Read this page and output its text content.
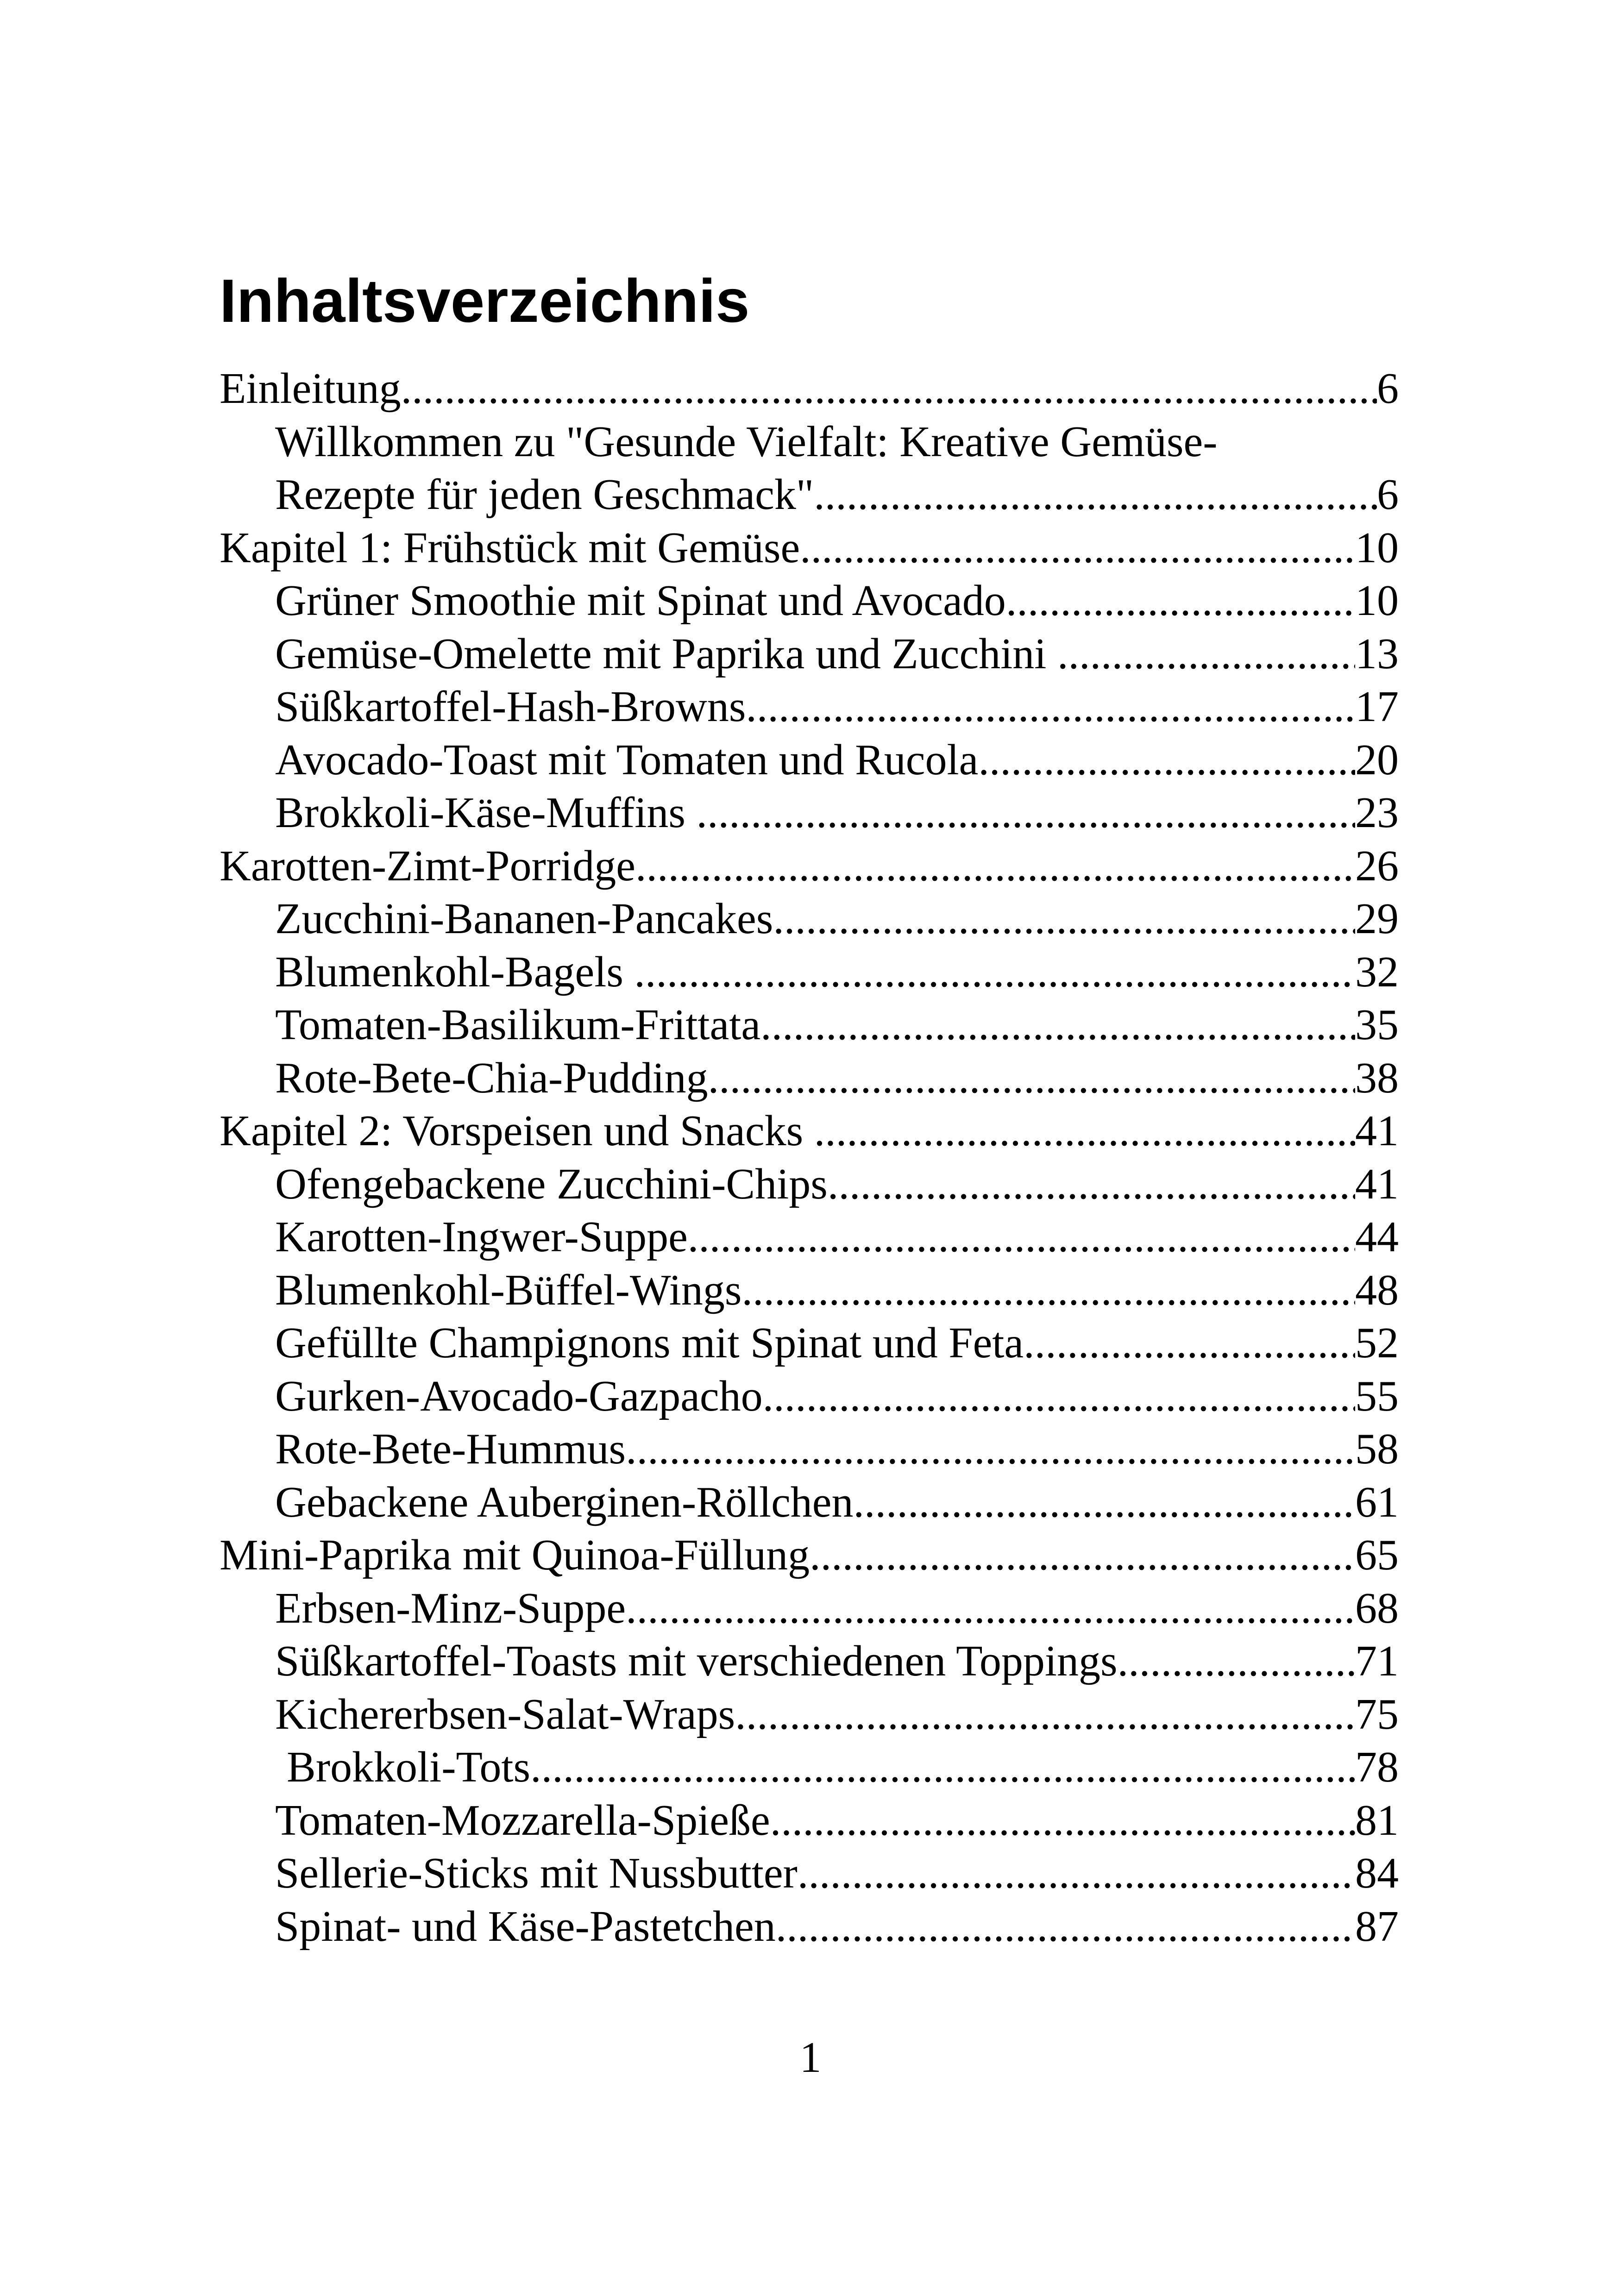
Inhaltsverzeichnis
Einleitung .....	6
Willkommen zu "Gesunde Vielfalt: Kreative Gemüse-
Rezepte für jeden Geschmack" .....	6
Kapitel 1: Frühstück mit Gemüse .....	10
Grüner Smoothie mit Spinat und Avocado .....	10
Gemüse-Omelette mit Paprika und Zucchini .....	13
Süßkartoffel-Hash-Browns .....	17
Avocado-Toast mit Tomaten und Rucola .....	20
Brokkoli-Käse-Muffins .....	23
Karotten-Zimt-Porridge .....	26
Zucchini-Bananen-Pancakes .....	29
Blumenkohl-Bagels .....	32
Tomaten-Basilikum-Frittata .....	35
Rote-Bete-Chia-Pudding .....	38
Kapitel 2: Vorspeisen und Snacks .....	41
Ofengebackene Zucchini-Chips .....	41
Karotten-Ingwer-Suppe .....	44
Blumenkohl-Büffel-Wings .....	48
Gefüllte Champignons mit Spinat und Feta .....	52
Gurken-Avocado-Gazpacho .....	55
Rote-Bete-Hummus .....	58
Gebackene Auberginen-Röllchen .....	61
Mini-Paprika mit Quinoa-Füllung .....	65
Erbsen-Minz-Suppe .....	68
Süßkartoffel-Toasts mit verschiedenen Toppings .....	71
Kichererbsen-Salat-Wraps .....	75
Brokkoli-Tots .....	78
Tomaten-Mozzarella-Spieße .....	81
Sellerie-Sticks mit Nussbutter .....	84
Spinat- und Käse-Pastetchen .....	87
1
